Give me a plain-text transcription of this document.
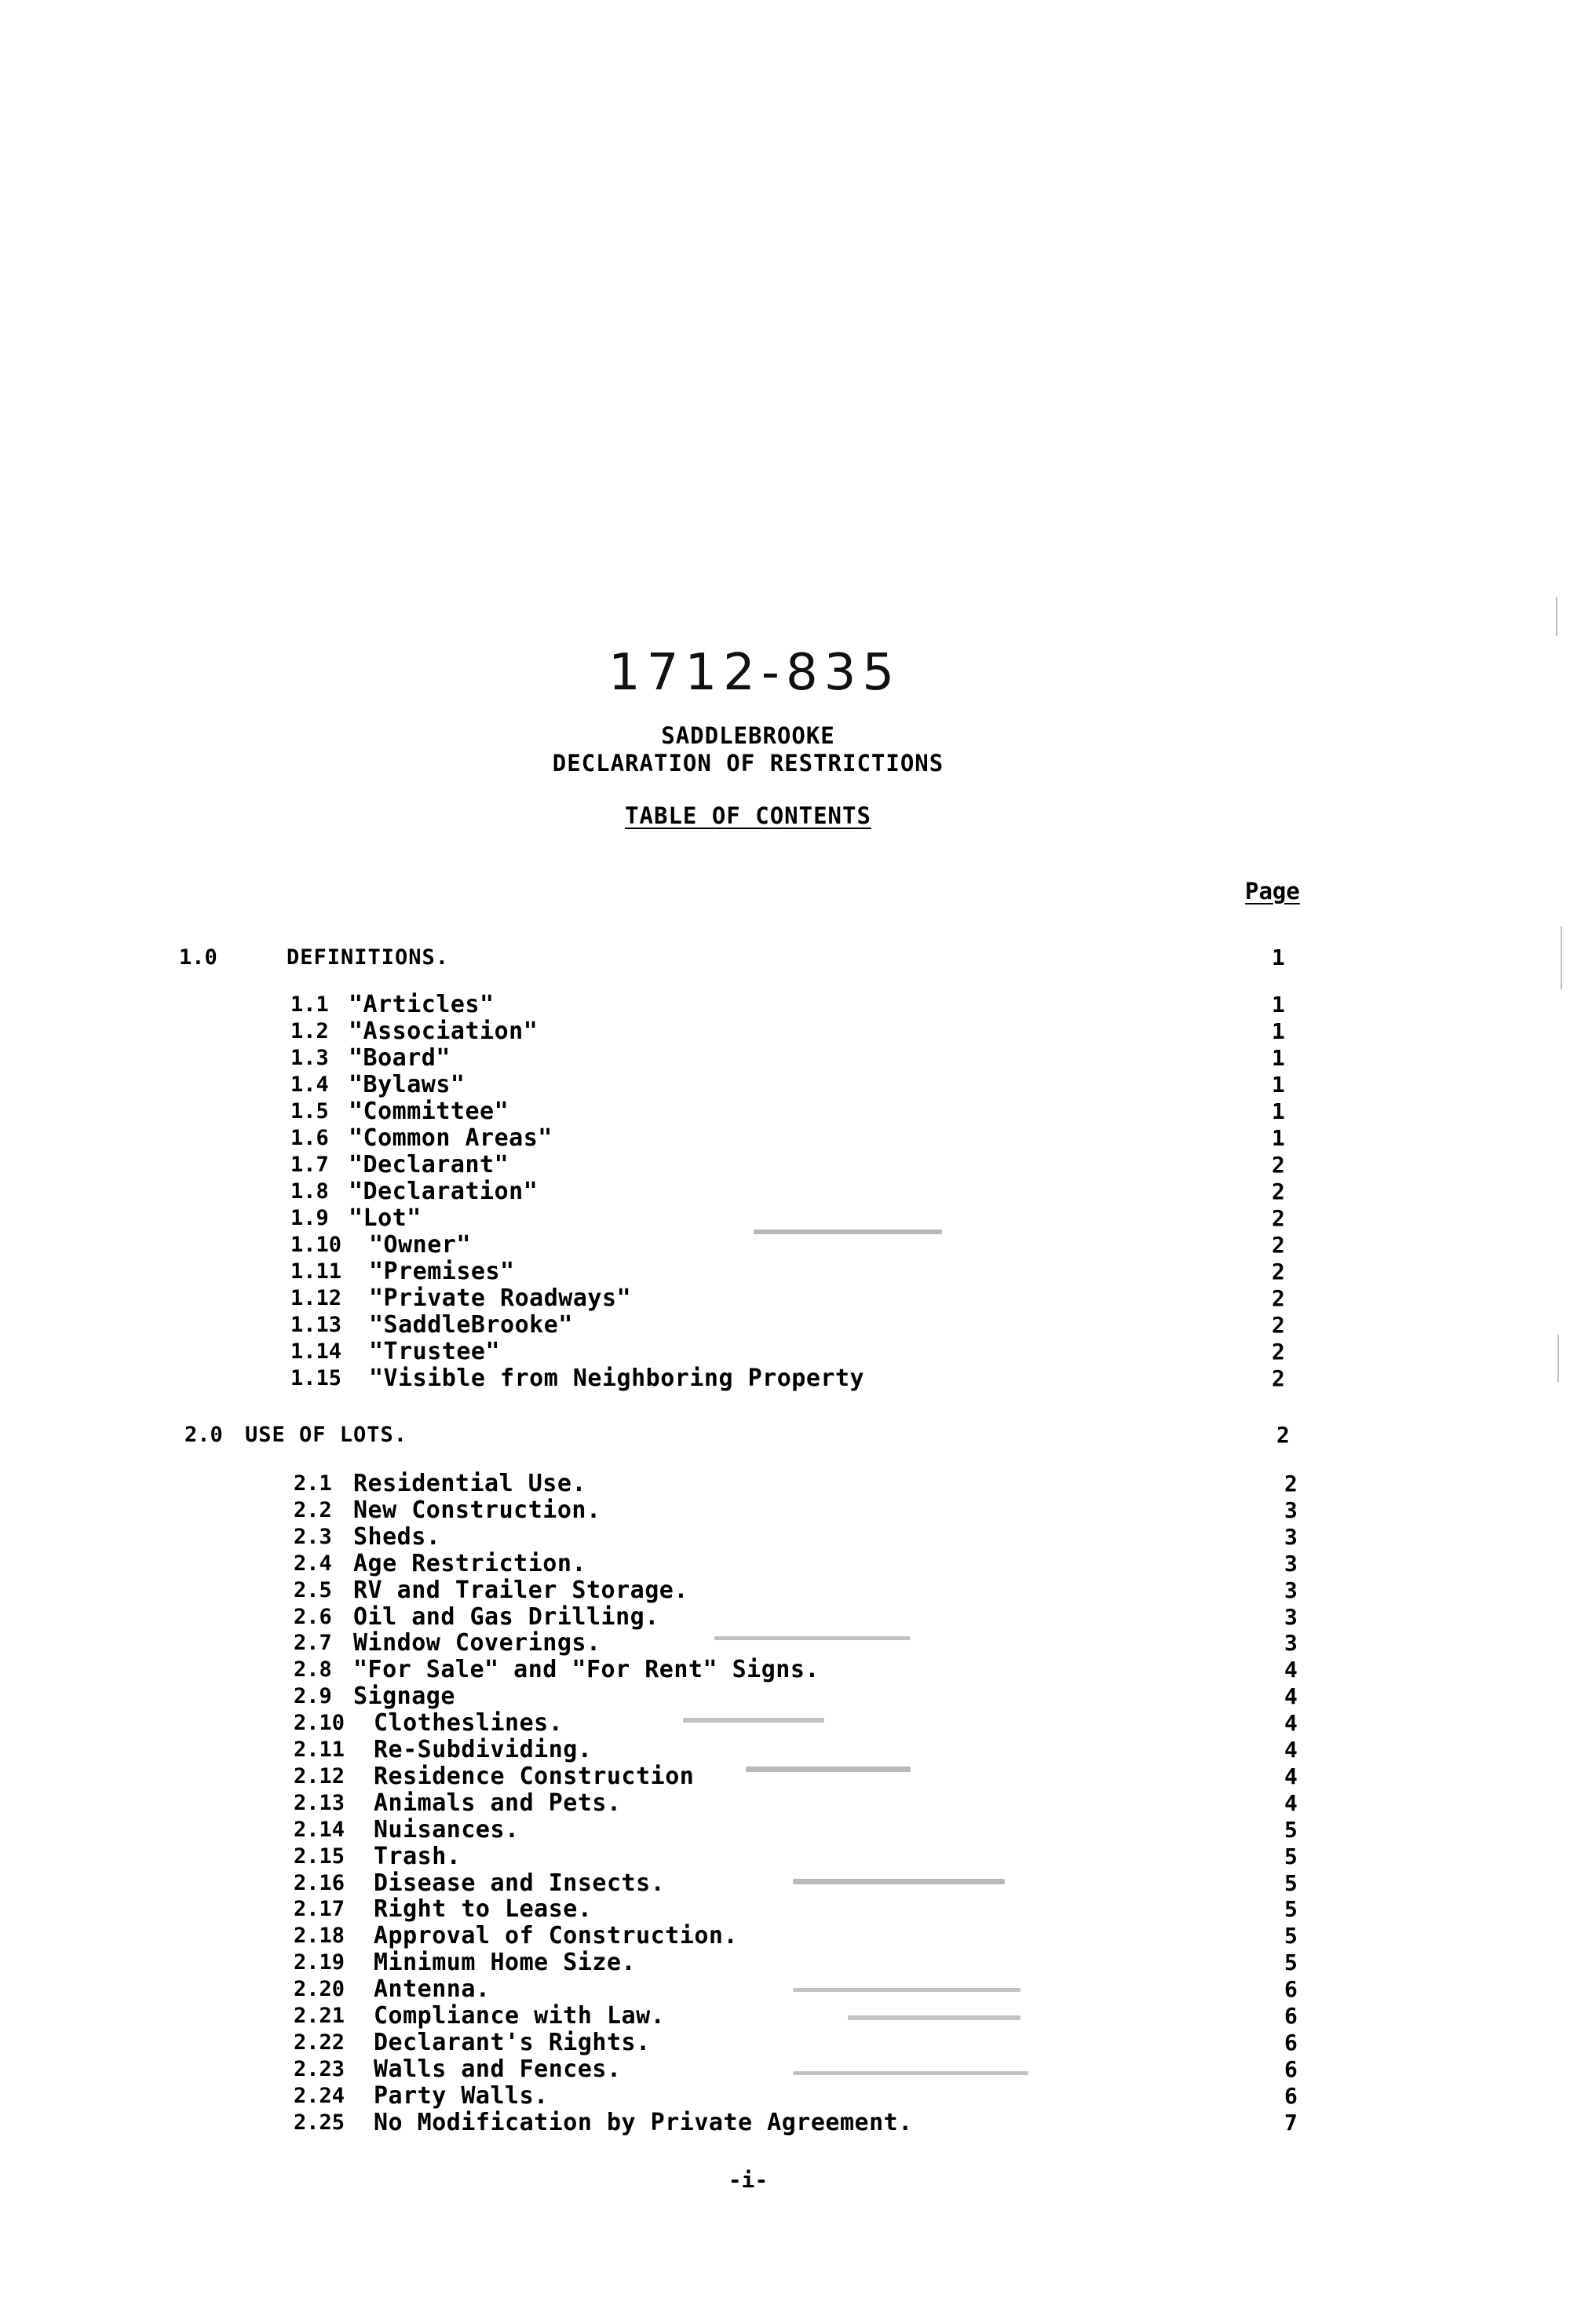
1712-835
SADDLEBROOKE
DECLARATION OF RESTRICTIONS
TABLE OF CONTENTS
Page
1.0	DEFINITIONS.	1
1.1 "Articles"	1
1.2 "Association"	1
1.3 "Board"	1
1.4 "Bylaws"	1
1.5 "Committee"	1
1.6 "Common Areas"	1
1.7 "Declarant"	2
1.8 "Declaration"	2
1.9 "Lot"	2
1.10 "Owner"	2
1.11 "Premises"	2
1.12 "Private Roadways"	2
1.13 "SaddleBrooke"	2
1.14 "Trustee"	2
1.15 "Visible from Neighboring Property	2
2.0 USE OF LOTS.	2
2.1 Residential Use.	2
2.2 New Construction.	3
2.3 Sheds.	3
2.4 Age Restriction.	3
2.5 RV and Trailer Storage.	3
2.6 Oil and Gas Drilling.	3
2.7 Window Coverings.	3
2.8 "For Sale" and "For Rent" Signs.	4
2.9 Signage	4
2.10 Clotheslines.	4
2.11 Re-Subdividing.	4
2.12 Residence Construction	4
2.13 Animals and Pets.	4
2.14 Nuisances.	5
2.15 Trash.	5
2.16 Disease and Insects.	5
2.17 Right to Lease.	5
2.18 Approval of Construction.	5
2.19 Minimum Home Size.	5
2.20 Antenna.	6
2.21 Compliance with Law.	6
2.22 Declarant's Rights.	6
2.23 Walls and Fences.	6
2.24 Party Walls.	6
2.25 No Modification by Private Agreement.	7
-i-
